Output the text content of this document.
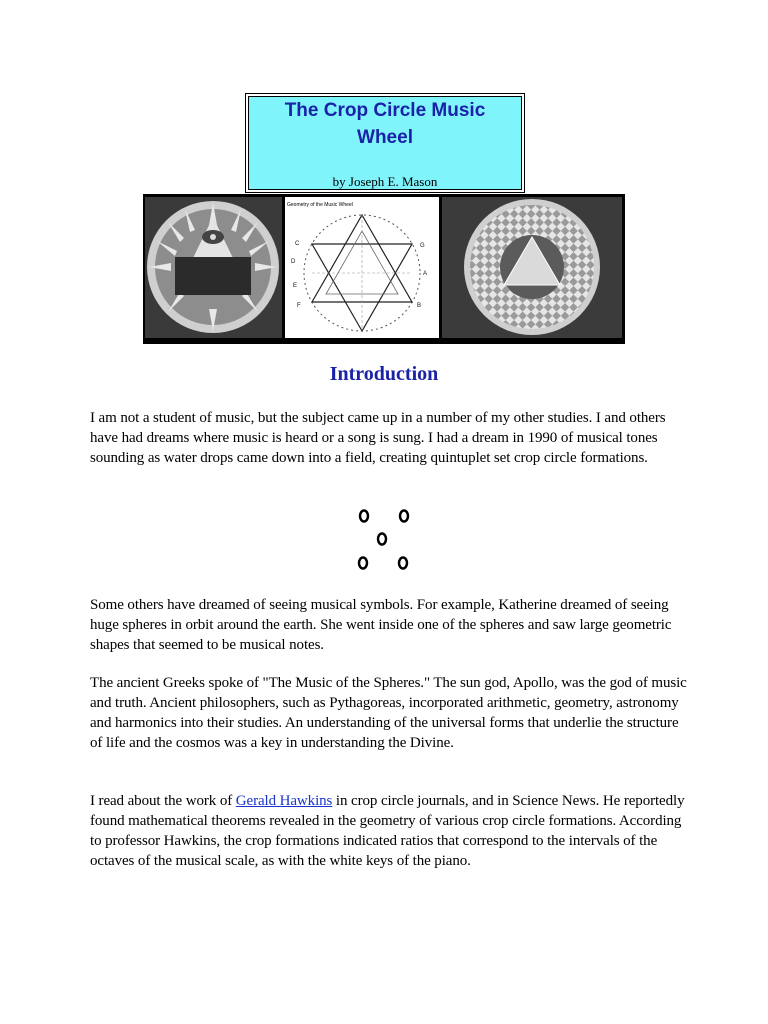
The Crop Circle Music
Wheel
by Joseph E. Mason
Geometry of the Music Wheel
C
D
E
F
G
A
B
Introduction

I am not a student of music, but the subject came up in a number of my other studies. I and others have had dreams where music is heard or a song is sung. I had a dream in 1990 of musical tones sounding as water drops came down into a field, creating quintuplet set crop circle formations.

Some others have dreamed of seeing musical symbols. For example, Katherine dreamed of seeing huge spheres in orbit around the earth. She went inside one of the spheres and saw large geometric shapes that seemed to be musical notes.

The ancient Greeks spoke of "The Music of the Spheres." The sun god, Apollo, was the god of music and truth. Ancient philosophers, such as Pythagoreas, incorporated arithmetic, geometry, astronomy and harmonics into their studies. An understanding of the universal forms that underlie the structure of life and the cosmos was a key in understanding the Divine.

I read about the work of Gerald Hawkins in crop circle journals, and in Science News. He reportedly found mathematical theorems revealed in the geometry of various crop circle formations. According to professor Hawkins, the crop formations indicated ratios that correspond to the intervals of the octaves of the musical scale, as with the white keys of the piano.
